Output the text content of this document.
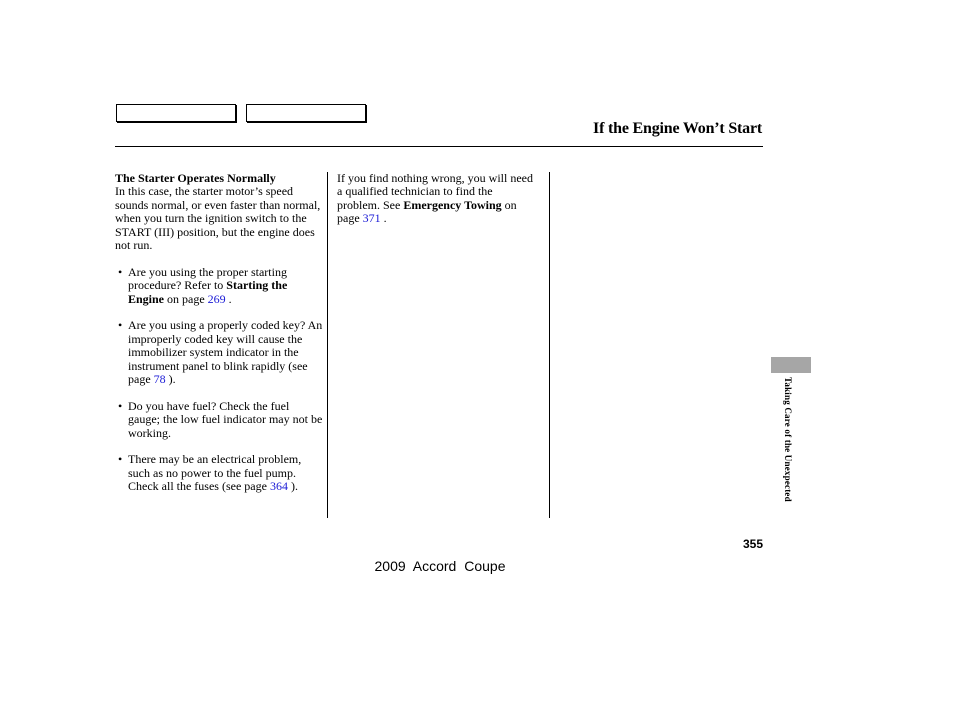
If the Engine Won’t Start

The Starter Operates Normally

In this case, the starter motor’s speed sounds normal, or even faster than normal, when you turn the ignition switch to the START (III) position, but the engine does not run.

• Are you using the proper starting procedure? Refer to Starting the Engine on page 269 .
• Are you using a properly coded key? An improperly coded key will cause the immobilizer system indicator in the instrument panel to blink rapidly (see page 78 ).
• Do you have fuel? Check the fuel gauge; the low fuel indicator may not be working.
• There may be an electrical problem, such as no power to the fuel pump. Check all the fuses (see page 364 ).

If you find nothing wrong, you will need a qualified technician to find the problem. See Emergency Towing on page 371 .

Taking Care of the Unexpected
355
2009 Accord Coupe
